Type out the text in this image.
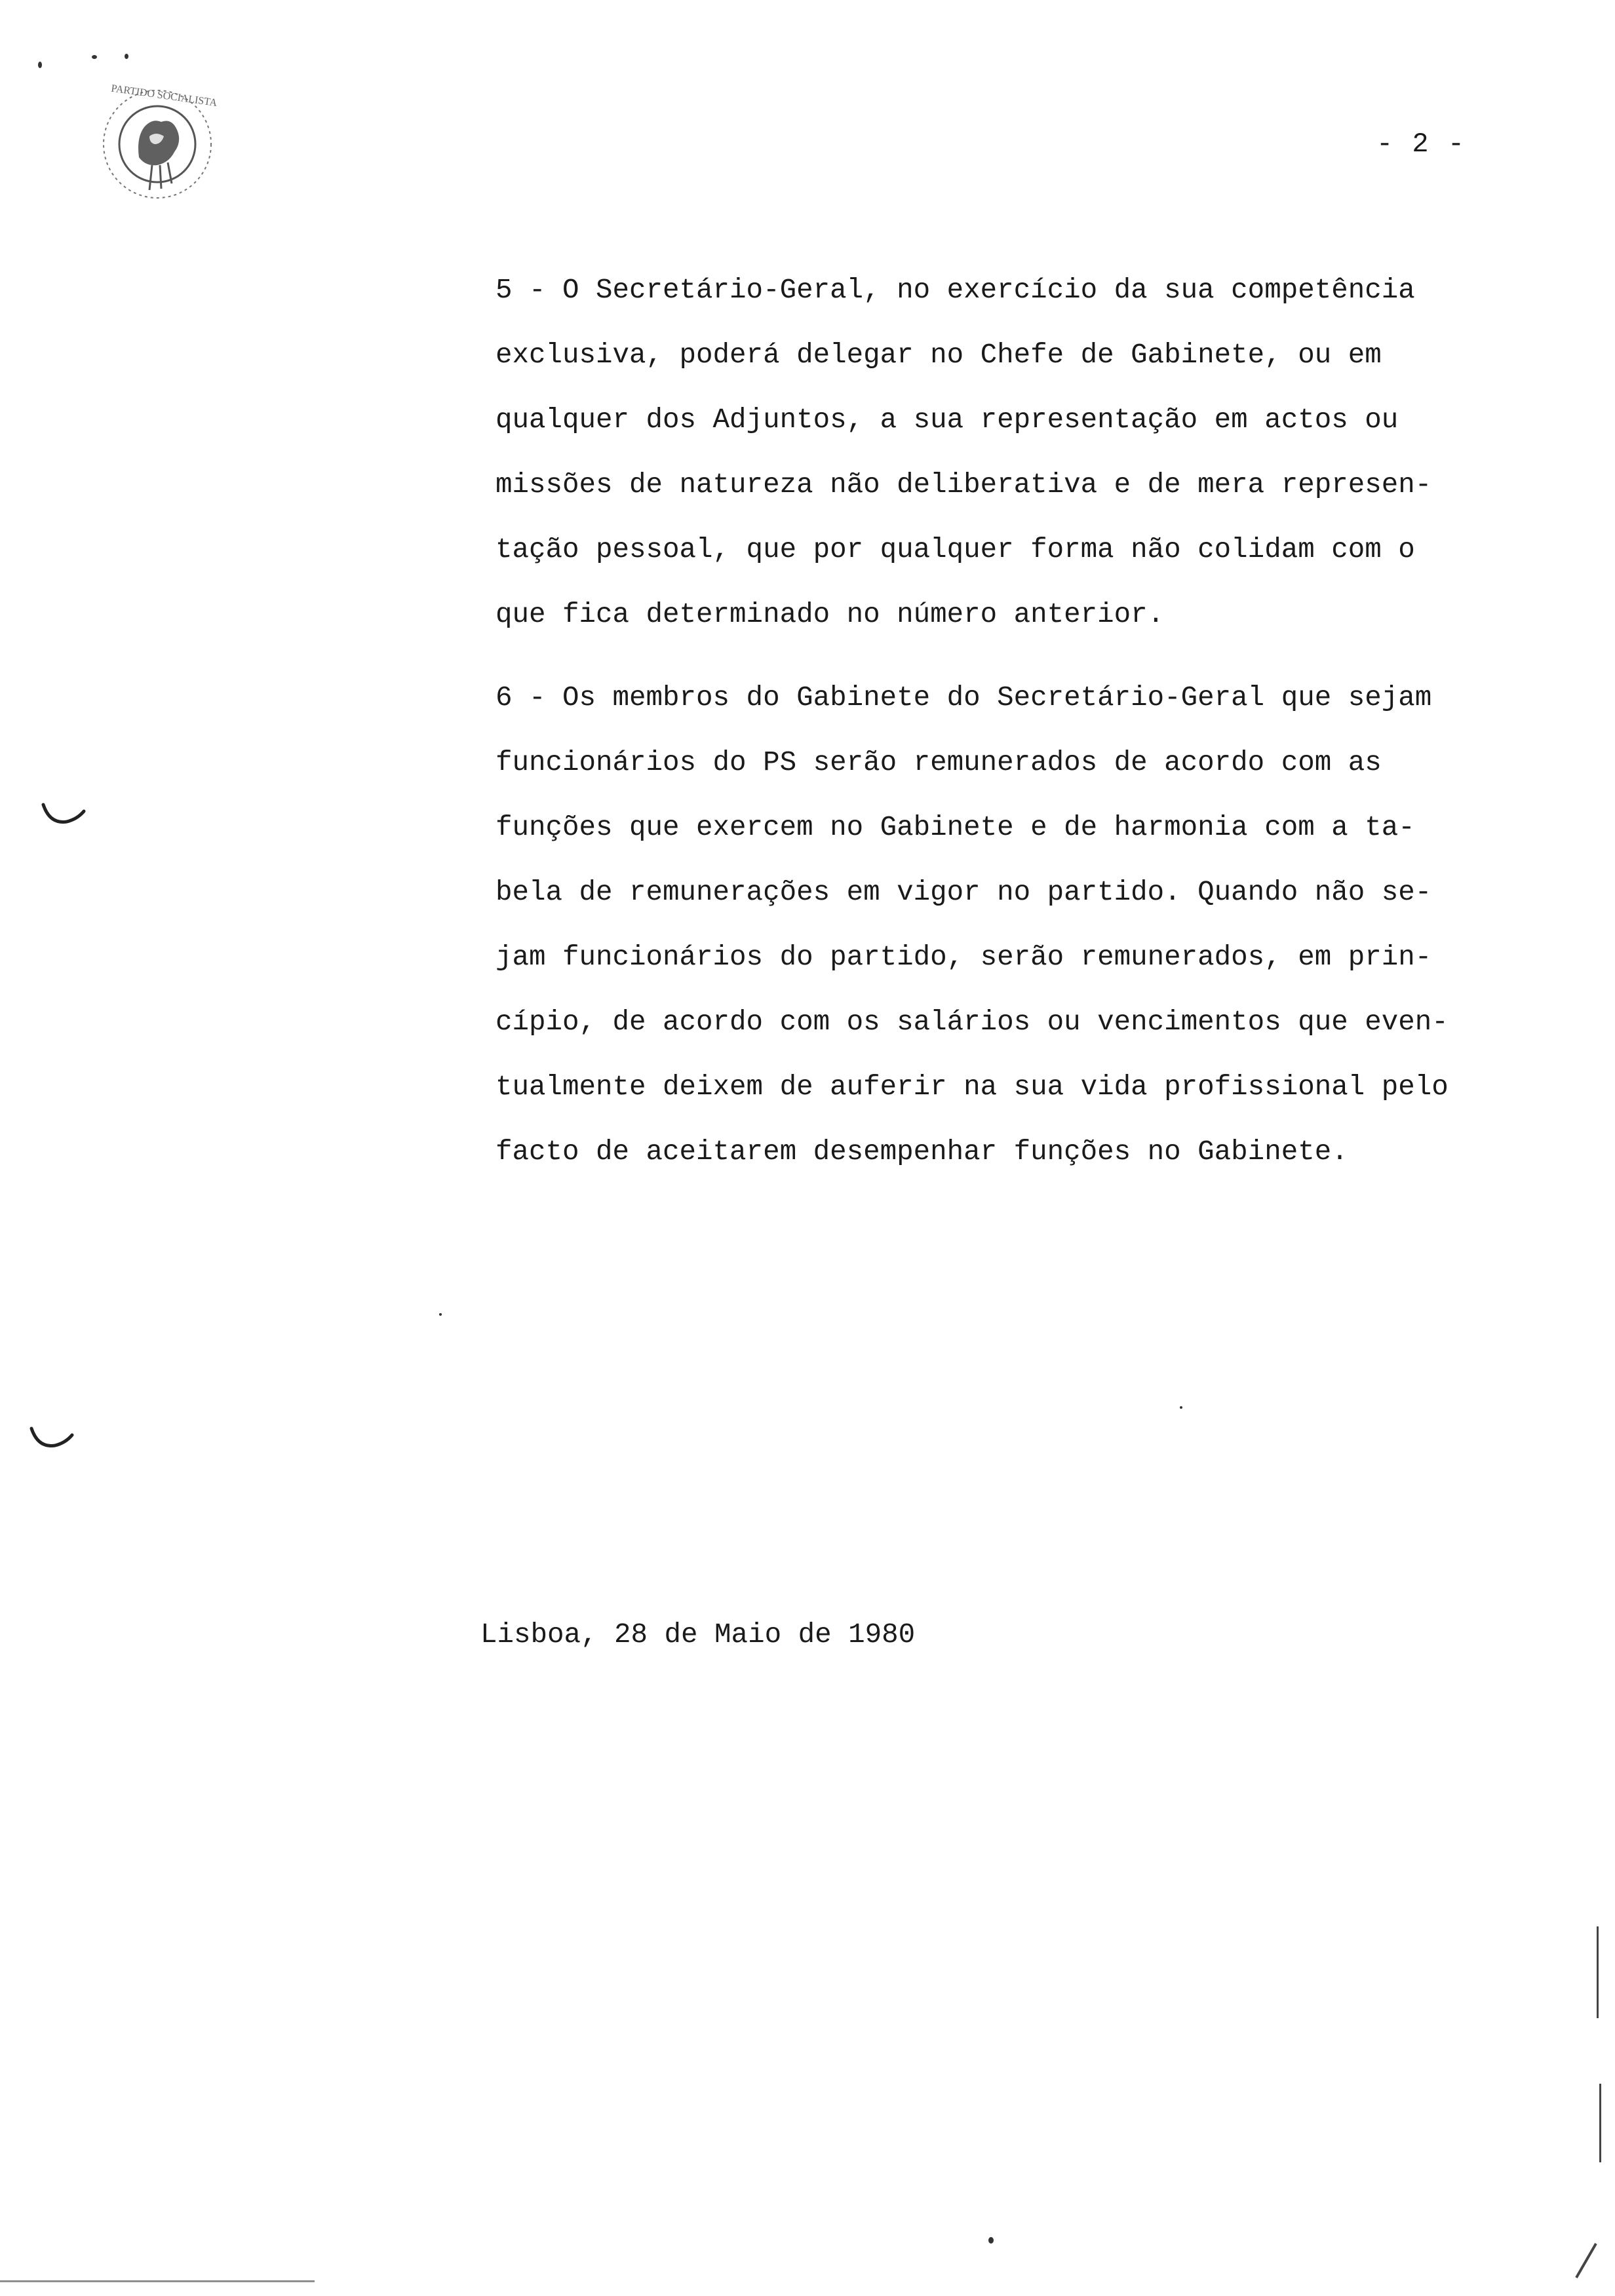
PARTIDO SOCIALISTA
- 2 -
5 - O Secretário-Geral, no exercício da sua competência
exclusiva, poderá delegar no Chefe de Gabinete, ou em
qualquer dos Adjuntos, a sua representação em actos ou
missões de natureza não deliberativa e de mera represen-
tação pessoal, que por qualquer forma não colidam com o
que fica determinado no número anterior.
6 - Os membros do Gabinete do Secretário-Geral que sejam
funcionários do PS serão remunerados de acordo com as
funções que exercem no Gabinete e de harmonia com a ta-
bela de remunerações em vigor no partido. Quando não se-
jam funcionários do partido, serão remunerados, em prin-
cípio, de acordo com os salários ou vencimentos que even-
tualmente deixem de auferir na sua vida profissional pelo
facto de aceitarem desempenhar funções no Gabinete.
Lisboa, 28 de Maio de 1980
